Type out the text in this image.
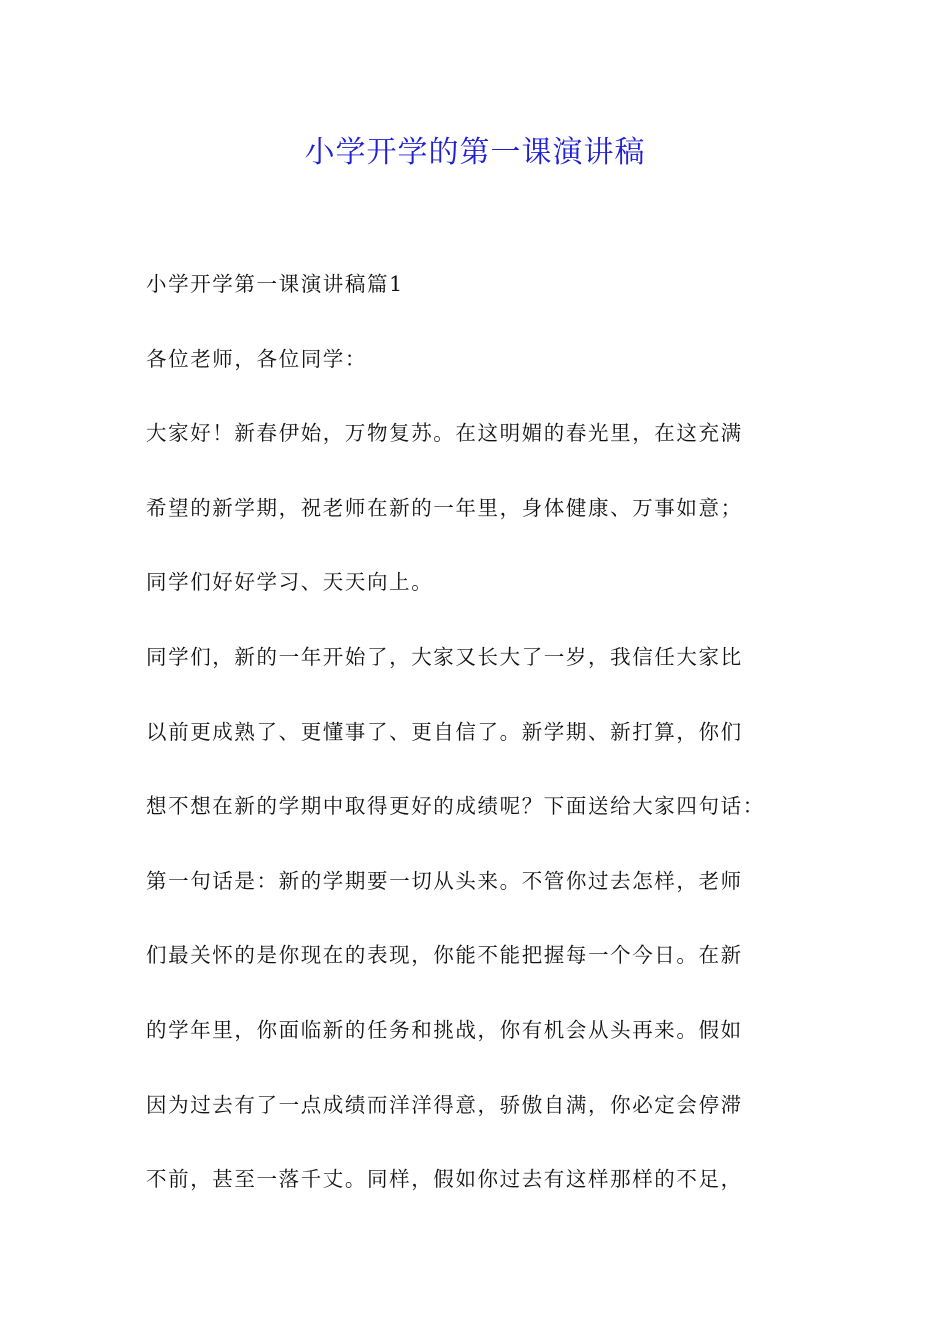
小学开学的第一课演讲稿
小学开学第一课演讲稿篇1
各位老师，各位同学：
大家好！新春伊始，万物复苏。在这明媚的春光里，在这充满
希望的新学期，祝老师在新的一年里，身体健康、万事如意；
同学们好好学习、天天向上。
同学们，新的一年开始了，大家又长大了一岁，我信任大家比
以前更成熟了、更懂事了、更自信了。新学期、新打算，你们
想不想在新的学期中取得更好的成绩呢？下面送给大家四句话：
第一句话是：新的学期要一切从头来。不管你过去怎样，老师
们最关怀的是你现在的表现，你能不能把握每一个今日。在新
的学年里，你面临新的任务和挑战，你有机会从头再来。假如
因为过去有了一点成绩而洋洋得意，骄傲自满，你必定会停滞
不前，甚至一落千丈。同样，假如你过去有这样那样的不足，
